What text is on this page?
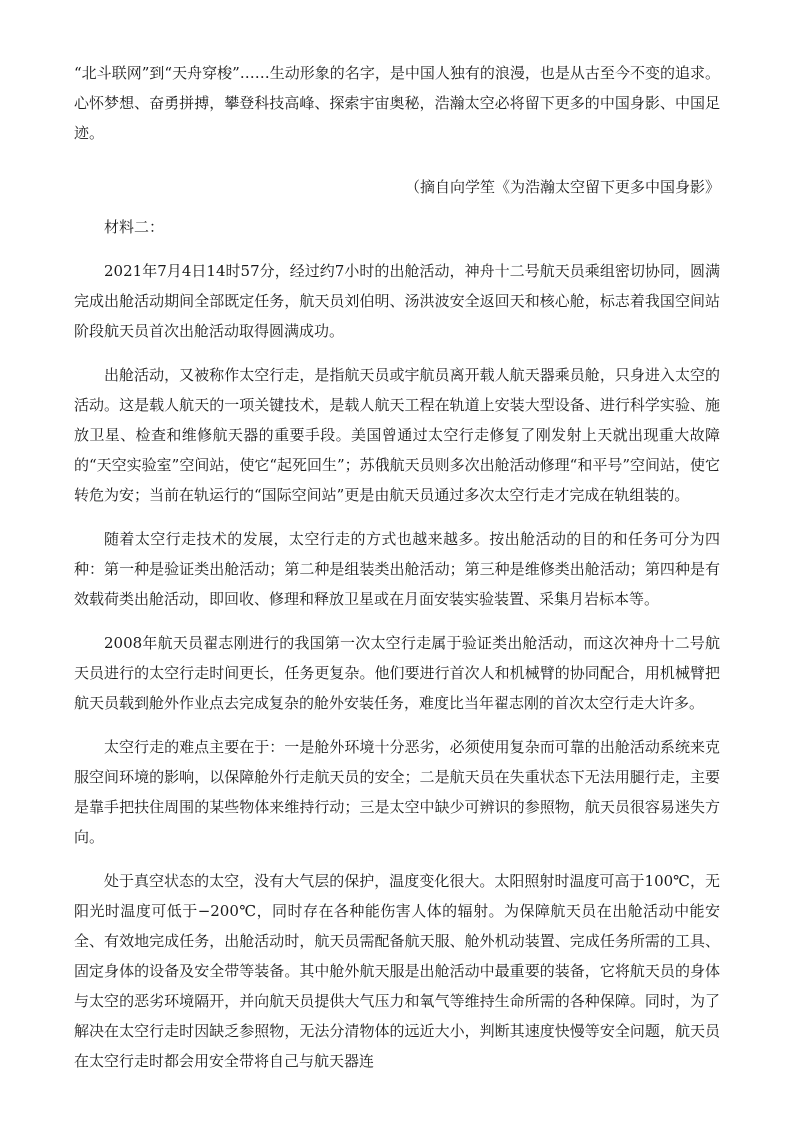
“北斗联网”到“天舟穿梭”……生动形象的名字，是中国人独有的浪漫，也是从古至今不变的追求。心怀梦想、奋勇拼搏，攀登科技高峰、探索宇宙奥秘，浩瀚太空必将留下更多的中国身影、中国足迹。

（摘自向学笙《为浩瀚太空留下更多中国身影》

材料二：

2021年7月4日14时57分，经过约7小时的出舱活动，神舟十二号航天员乘组密切协同，圆满完成出舱活动期间全部既定任务，航天员刘伯明、汤洪波安全返回天和核心舱，标志着我国空间站阶段航天员首次出舱活动取得圆满成功。

出舱活动，又被称作太空行走，是指航天员或宇航员离开载人航天器乘员舱，只身进入太空的活动。这是载人航天的一项关键技术，是载人航天工程在轨道上安装大型设备、进行科学实验、施放卫星、检查和维修航天器的重要手段。美国曾通过太空行走修复了刚发射上天就出现重大故障的“天空实验室”空间站，使它“起死回生”；苏俄航天员则多次出舱活动修理“和平号”空间站，使它转危为安；当前在轨运行的“国际空间站”更是由航天员通过多次太空行走才完成在轨组装的。

随着太空行走技术的发展，太空行走的方式也越来越多。按出舱活动的目的和任务可分为四种：第一种是验证类出舱活动；第二种是组装类出舱活动；第三种是维修类出舱活动；第四种是有效载荷类出舱活动，即回收、修理和释放卫星或在月面安装实验装置、采集月岩标本等。

2008年航天员翟志刚进行的我国第一次太空行走属于验证类出舱活动，而这次神舟十二号航天员进行的太空行走时间更长，任务更复杂。他们要进行首次人和机械臂的协同配合，用机械臂把航天员载到舱外作业点去完成复杂的舱外安装任务，难度比当年翟志刚的首次太空行走大许多。

太空行走的难点主要在于：一是舱外环境十分恶劣，必须使用复杂而可靠的出舱活动系统来克服空间环境的影响，以保障舱外行走航天员的安全；二是航天员在失重状态下无法用腿行走，主要是靠手把扶住周围的某些物体来维持行动；三是太空中缺少可辨识的参照物，航天员很容易迷失方向。

处于真空状态的太空，没有大气层的保护，温度变化很大。太阳照射时温度可高于100℃，无阳光时温度可低于−200℃，同时存在各种能伤害人体的辐射。为保障航天员在出舱活动中能安全、有效地完成任务，出舱活动时，航天员需配备航天服、舱外机动装置、完成任务所需的工具、固定身体的设备及安全带等装备。其中舱外航天服是出舱活动中最重要的装备，它将航天员的身体与太空的恶劣环境隔开，并向航天员提供大气压力和氧气等维持生命所需的各种保障。同时，为了解决在太空行走时因缺乏参照物，无法分清物体的远近大小，判断其速度快慢等安全问题，航天员在太空行走时都会用安全带将自己与航天器连
